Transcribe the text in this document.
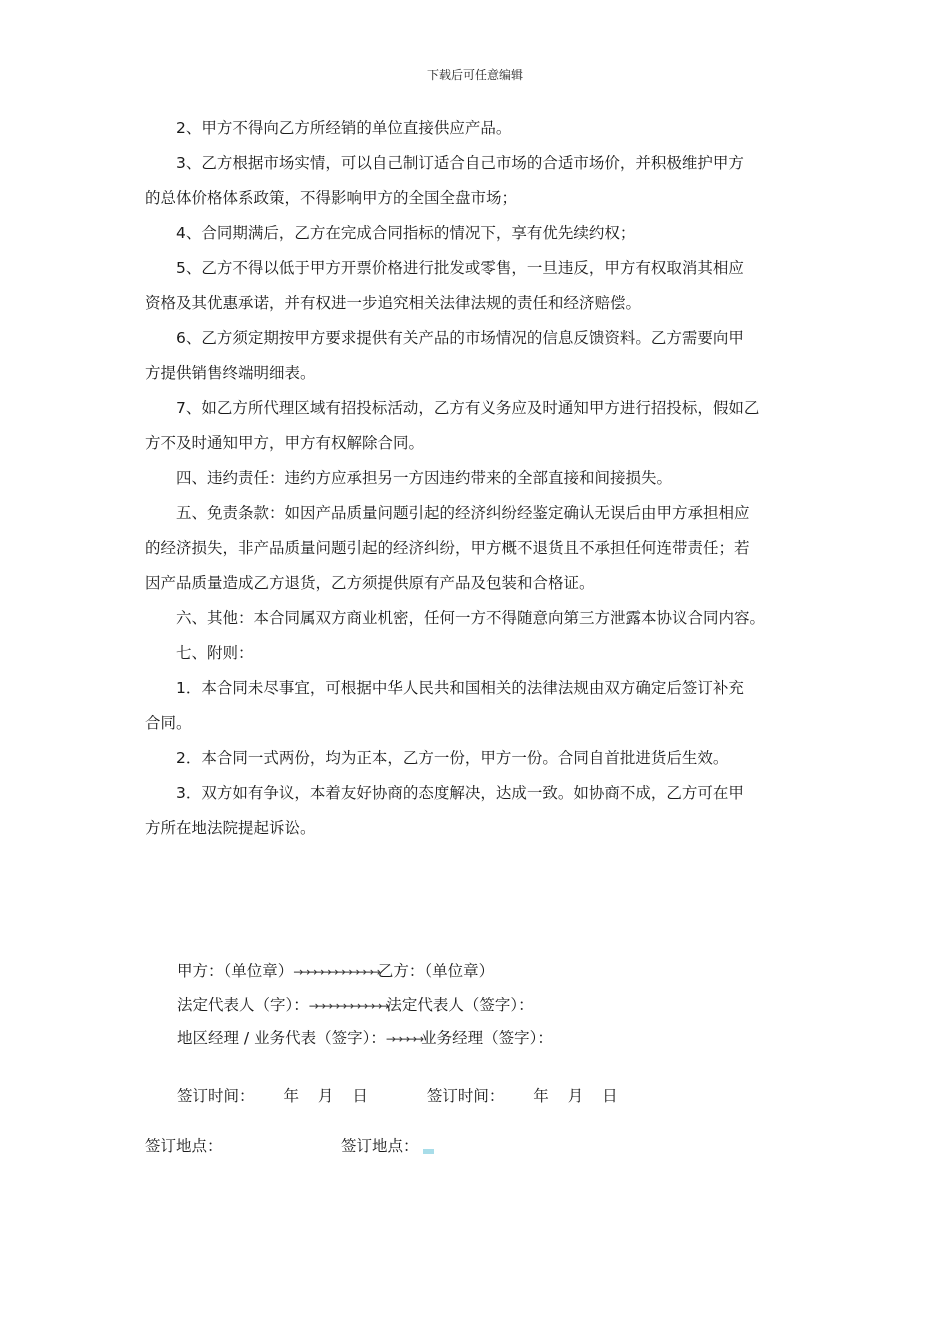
下载后可任意编辑
2、甲方不得向乙方所经销的单位直接供应产品。
3、乙方根据市场实情，可以自己制订适合自己市场的合适市场价，并积极维护甲方
的总体价格体系政策，不得影响甲方的全国全盘市场；
4、合同期满后，乙方在完成合同指标的情况下，享有优先续约权；
5、乙方不得以低于甲方开票价格进行批发或零售，一旦违反，甲方有权取消其相应
资格及其优惠承诺，并有权进一步追究相关法律法规的责任和经济赔偿。
6、乙方须定期按甲方要求提供有关产品的市场情况的信息反馈资料。乙方需要向甲
方提供销售终端明细表。
7、如乙方所代理区域有招投标活动，乙方有义务应及时通知甲方进行招投标，假如乙
方不及时通知甲方，甲方有权解除合同。
四、违约责任：违约方应承担另一方因违约带来的全部直接和间接损失。
五、免责条款：如因产品质量问题引起的经济纠纷经鉴定确认无误后由甲方承担相应
的经济损失，非产品质量问题引起的经济纠纷，甲方概不退货且不承担任何连带责任；若
因产品质量造成乙方退货，乙方须提供原有产品及包装和合格证。
六、其他：本合同属双方商业机密，任何一方不得随意向第三方泄露本协议合同内容。
七、附则：
1．本合同未尽事宜，可根据中华人民共和国相关的法律法规由双方确定后签订补充
合同。
2．本合同一式两份，均为正本，乙方一份，甲方一份。合同自首批进货后生效。
3．双方如有争议，本着友好协商的态度解决，达成一致。如协商不成，乙方可在甲
方所在地法院提起诉讼。
甲方：（单位章）→→→→→→→→→→→→乙方：（单位章）
法定代表人（字）：→→→→→→→→→→→法定代表人（签字）：
地区经理 / 业务代表（签字）：→→→→→业务经理（签字）：
签订时间： 年 月 日	签订时间： 年 月 日
签订地点：	签订地点：
